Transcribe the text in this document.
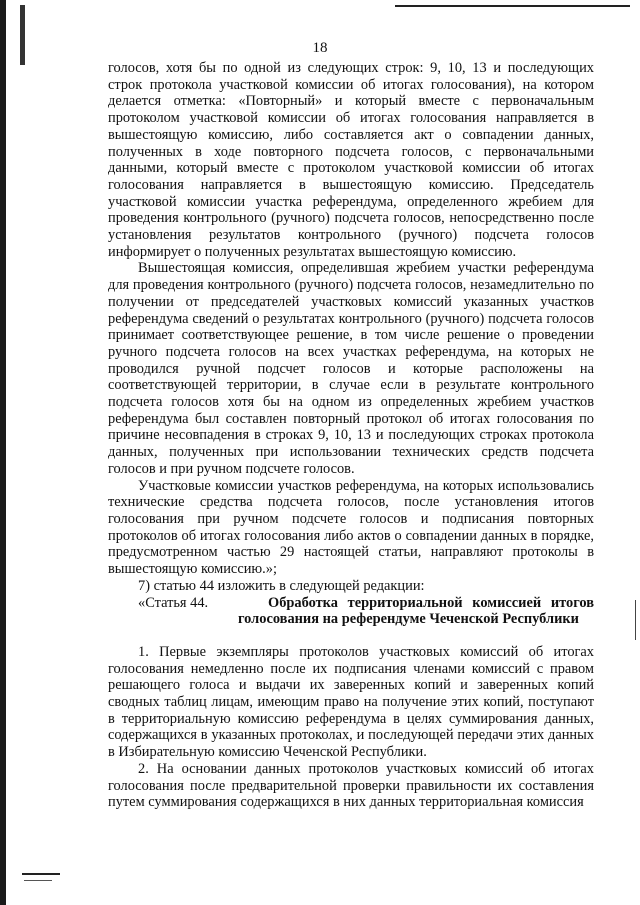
18

голосов, хотя бы по одной из следующих строк: 9, 10, 13 и последующих строк протокола участковой комиссии об итогах голосования), на котором делается отметка: «Повторный» и который вместе с первоначальным протоколом участковой комиссии об итогах голосования направляется в вышестоящую комиссию, либо составляется акт о совпадении данных, полученных в ходе повторного подсчета голосов, с первоначальными данными, который вместе с протоколом участковой комиссии об итогах голосования направляется в вышестоящую комиссию. Председатель участковой комиссии участка референдума, определенного жребием для проведения контрольного (ручного) подсчета голосов, непосредственно после установления результатов контрольного (ручного) подсчета голосов информирует о полученных результатах вышестоящую комиссию.

Вышестоящая комиссия, определившая жребием участки референдума для проведения контрольного (ручного) подсчета голосов, незамедлительно по получении от председателей участковых комиссий указанных участков референдума сведений о результатах контрольного (ручного) подсчета голосов принимает соответствующее решение, в том числе решение о проведении ручного подсчета голосов на всех участках референдума, на которых не проводился ручной подсчет голосов и которые расположены на соответствующей территории, в случае если в результате контрольного подсчета голосов хотя бы на одном из определенных жребием участков референдума был составлен повторный протокол об итогах голосования по причине несовпадения в строках 9, 10, 13 и последующих строках протокола данных, полученных при использовании технических средств подсчета голосов и при ручном подсчете голосов.

Участковые комиссии участков референдума, на которых использовались технические средства подсчета голосов, после установления итогов голосования при ручном подсчете голосов и подписания повторных протоколов об итогах голосования либо актов о совпадении данных в порядке, предусмотренном частью 29 настоящей статьи, направляют протоколы в вышестоящую комиссию.»;

7) статью 44 изложить в следующей редакции:

«Статья 44.	Обработка территориальной комиссией итогов голосования на референдуме Чеченской Республики

1. Первые экземпляры протоколов участковых комиссий об итогах голосования немедленно после их подписания членами комиссий с правом решающего голоса и выдачи их заверенных копий и заверенных копий сводных таблиц лицам, имеющим право на получение этих копий, поступают в территориальную комиссию референдума в целях суммирования данных, содержащихся в указанных протоколах, и последующей передачи этих данных в Избирательную комиссию Чеченской Республики.

2. На основании данных протоколов участковых комиссий об итогах голосования после предварительной проверки правильности их составления путем суммирования содержащихся в них данных территориальная комиссия
